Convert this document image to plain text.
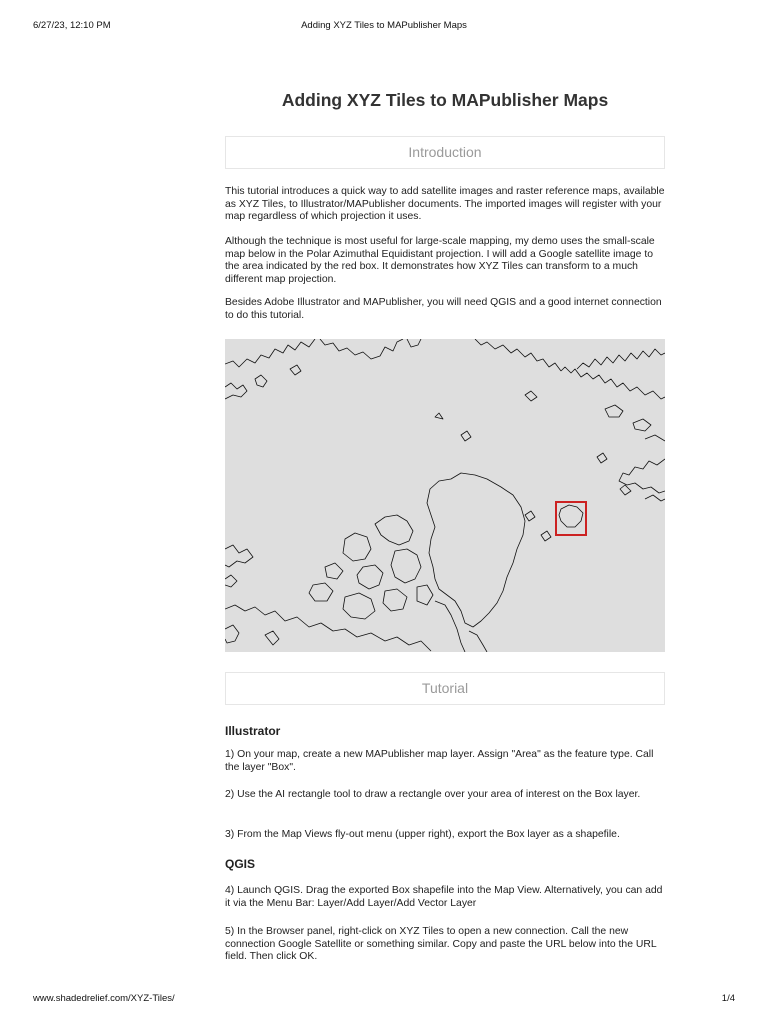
6/27/23, 12:10 PM	Adding XYZ Tiles to MAPublisher Maps
Adding XYZ Tiles to MAPublisher Maps
Introduction

This tutorial introduces a quick way to add satellite images and raster reference maps, available as XYZ Tiles, to Illustrator/MAPublisher documents. The imported images will register with your map regardless of which projection it uses.

Although the technique is most useful for large-scale mapping, my demo uses the small-scale map below in the Polar Azimuthal Equidistant projection. I will add a Google satellite image to the area indicated by the red box. It demonstrates how XYZ Tiles can transform to a much different map projection.

Besides Adobe Illustrator and MAPublisher, you will need QGIS and a good internet connection to do this tutorial.

Tutorial
Illustrator

1) On your map, create a new MAPublisher map layer. Assign "Area" as the feature type. Call the layer "Box".

2) Use the AI rectangle tool to draw a rectangle over your area of interest on the Box layer.

3) From the Map Views fly-out menu (upper right), export the Box layer as a shapefile.

QGIS

4) Launch QGIS. Drag the exported Box shapefile into the Map View. Alternatively, you can add it via the Menu Bar: Layer/Add Layer/Add Vector Layer

5) In the Browser panel, right-click on XYZ Tiles to open a new connection. Call the new connection Google Satellite or something similar. Copy and paste the URL below into the URL field. Then click OK.

www.shadedrelief.com/XYZ-Tiles/	1/4
